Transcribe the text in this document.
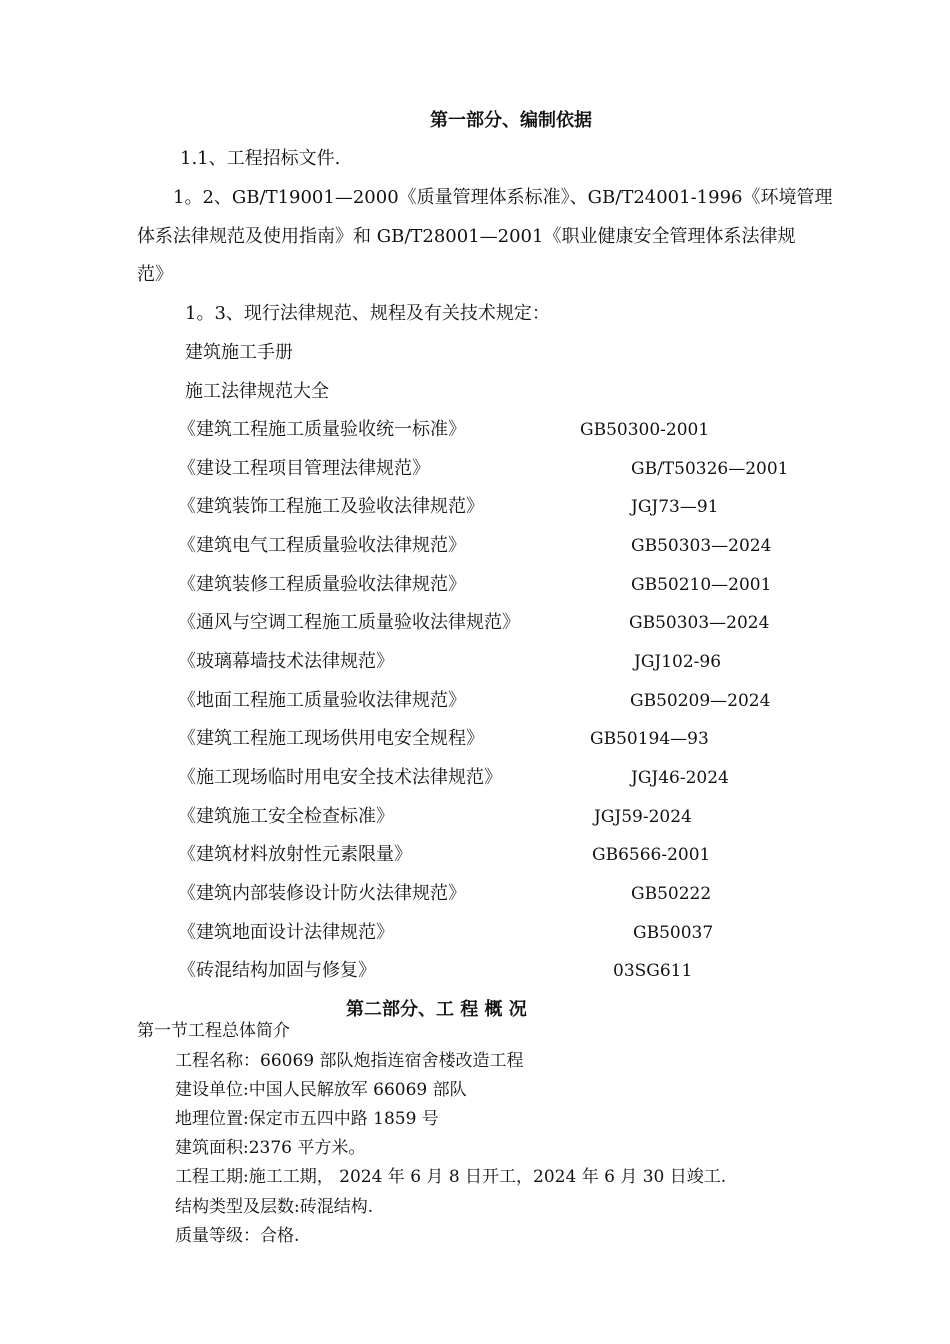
第一部分、编制依据
1.1、工程招标文件.
1。2、GB/T19001—2000《质量管理体系标准》、GB/T24001-1996《环境管理
体系法律规范及使用指南》和 GB/T28001—2001《职业健康安全管理体系法律规
范》
1。3、现行法律规范、规程及有关技术规定：
建筑施工手册
施工法律规范大全
《建筑工程施工质量验收统一标准》	GB50300-2001
《建设工程项目管理法律规范》	GB/T50326—2001
《建筑装饰工程施工及验收法律规范》	JGJ73—91
《建筑电气工程质量验收法律规范》	GB50303—2024
《建筑装修工程质量验收法律规范》	GB50210—2001
《通风与空调工程施工质量验收法律规范》	GB50303—2024
《玻璃幕墙技术法律规范》	JGJ102-96
《地面工程施工质量验收法律规范》	GB50209—2024
《建筑工程施工现场供用电安全规程》	GB50194—93
《施工现场临时用电安全技术法律规范》	JGJ46-2024
《建筑施工安全检查标准》	JGJ59-2024
《建筑材料放射性元素限量》	GB6566-2001
《建筑内部装修设计防火法律规范》	GB50222
《建筑地面设计法律规范》	GB50037
《砖混结构加固与修复》	03SG611
第二部分、工 程 概 况
第一节工程总体简介
工程名称：66069 部队炮指连宿舍楼改造工程
建设单位:中国人民解放军 66069 部队
地理位置:保定市五四中路 1859 号
建筑面积:2376 平方米。
工程工期:施工工期， 2024 年 6 月 8 日开工，2024 年 6 月 30 日竣工.
结构类型及层数:砖混结构.
质量等级：合格.
